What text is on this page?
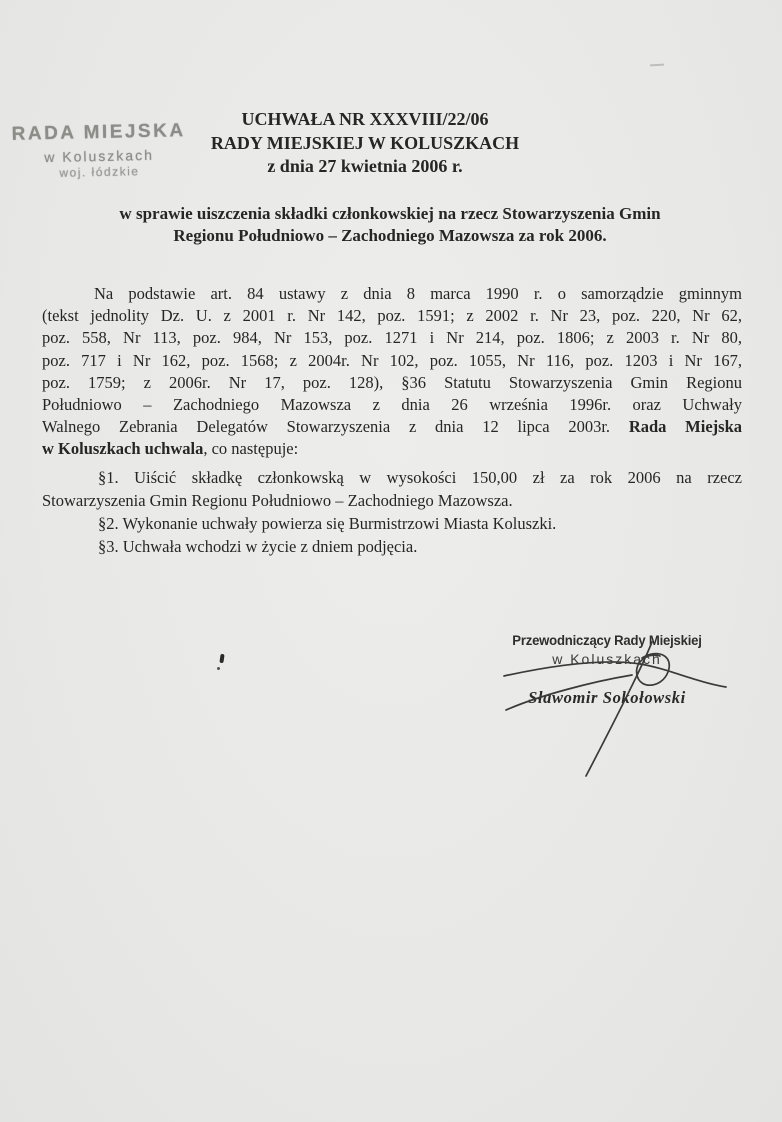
RADA MIEJSKA
w Koluszkach
woj. łódzkie
UCHWAŁA NR XXXVIII/22/06
RADY MIEJSKIEJ W KOLUSZKACH
z dnia 27 kwietnia 2006 r.
w sprawie uiszczenia składki członkowskiej na rzecz Stowarzyszenia Gmin
Regionu Południowo – Zachodniego Mazowsza za rok 2006.
Na podstawie art. 84 ustawy z dnia 8 marca 1990 r. o samorządzie gminnym
(tekst jednolity Dz. U. z 2001 r. Nr 142, poz. 1591; z 2002 r. Nr 23, poz. 220, Nr 62,
poz. 558, Nr 113, poz. 984, Nr 153, poz. 1271 i Nr 214, poz. 1806; z 2003 r. Nr 80,
poz. 717 i Nr 162, poz. 1568; z 2004r. Nr 102, poz. 1055, Nr 116, poz. 1203 i Nr 167,
poz. 1759; z 2006r. Nr 17, poz. 128), §36 Statutu Stowarzyszenia Gmin Regionu
Południowo – Zachodniego Mazowsza z dnia 26 września 1996r. oraz Uchwały
Walnego Zebrania Delegatów Stowarzyszenia z dnia 12 lipca 2003r. Rada Miejska
w Koluszkach uchwala, co następuje:
§1. Uiścić składkę członkowską w wysokości 150,00 zł za rok 2006 na rzecz
Stowarzyszenia Gmin Regionu Południowo – Zachodniego Mazowsza.
§2. Wykonanie uchwały powierza się Burmistrzowi Miasta Koluszki.
§3. Uchwała wchodzi w życie z dniem podjęcia.
Przewodniczący Rady Miejskiej
w Koluszkach
Sławomir Sokołowski
